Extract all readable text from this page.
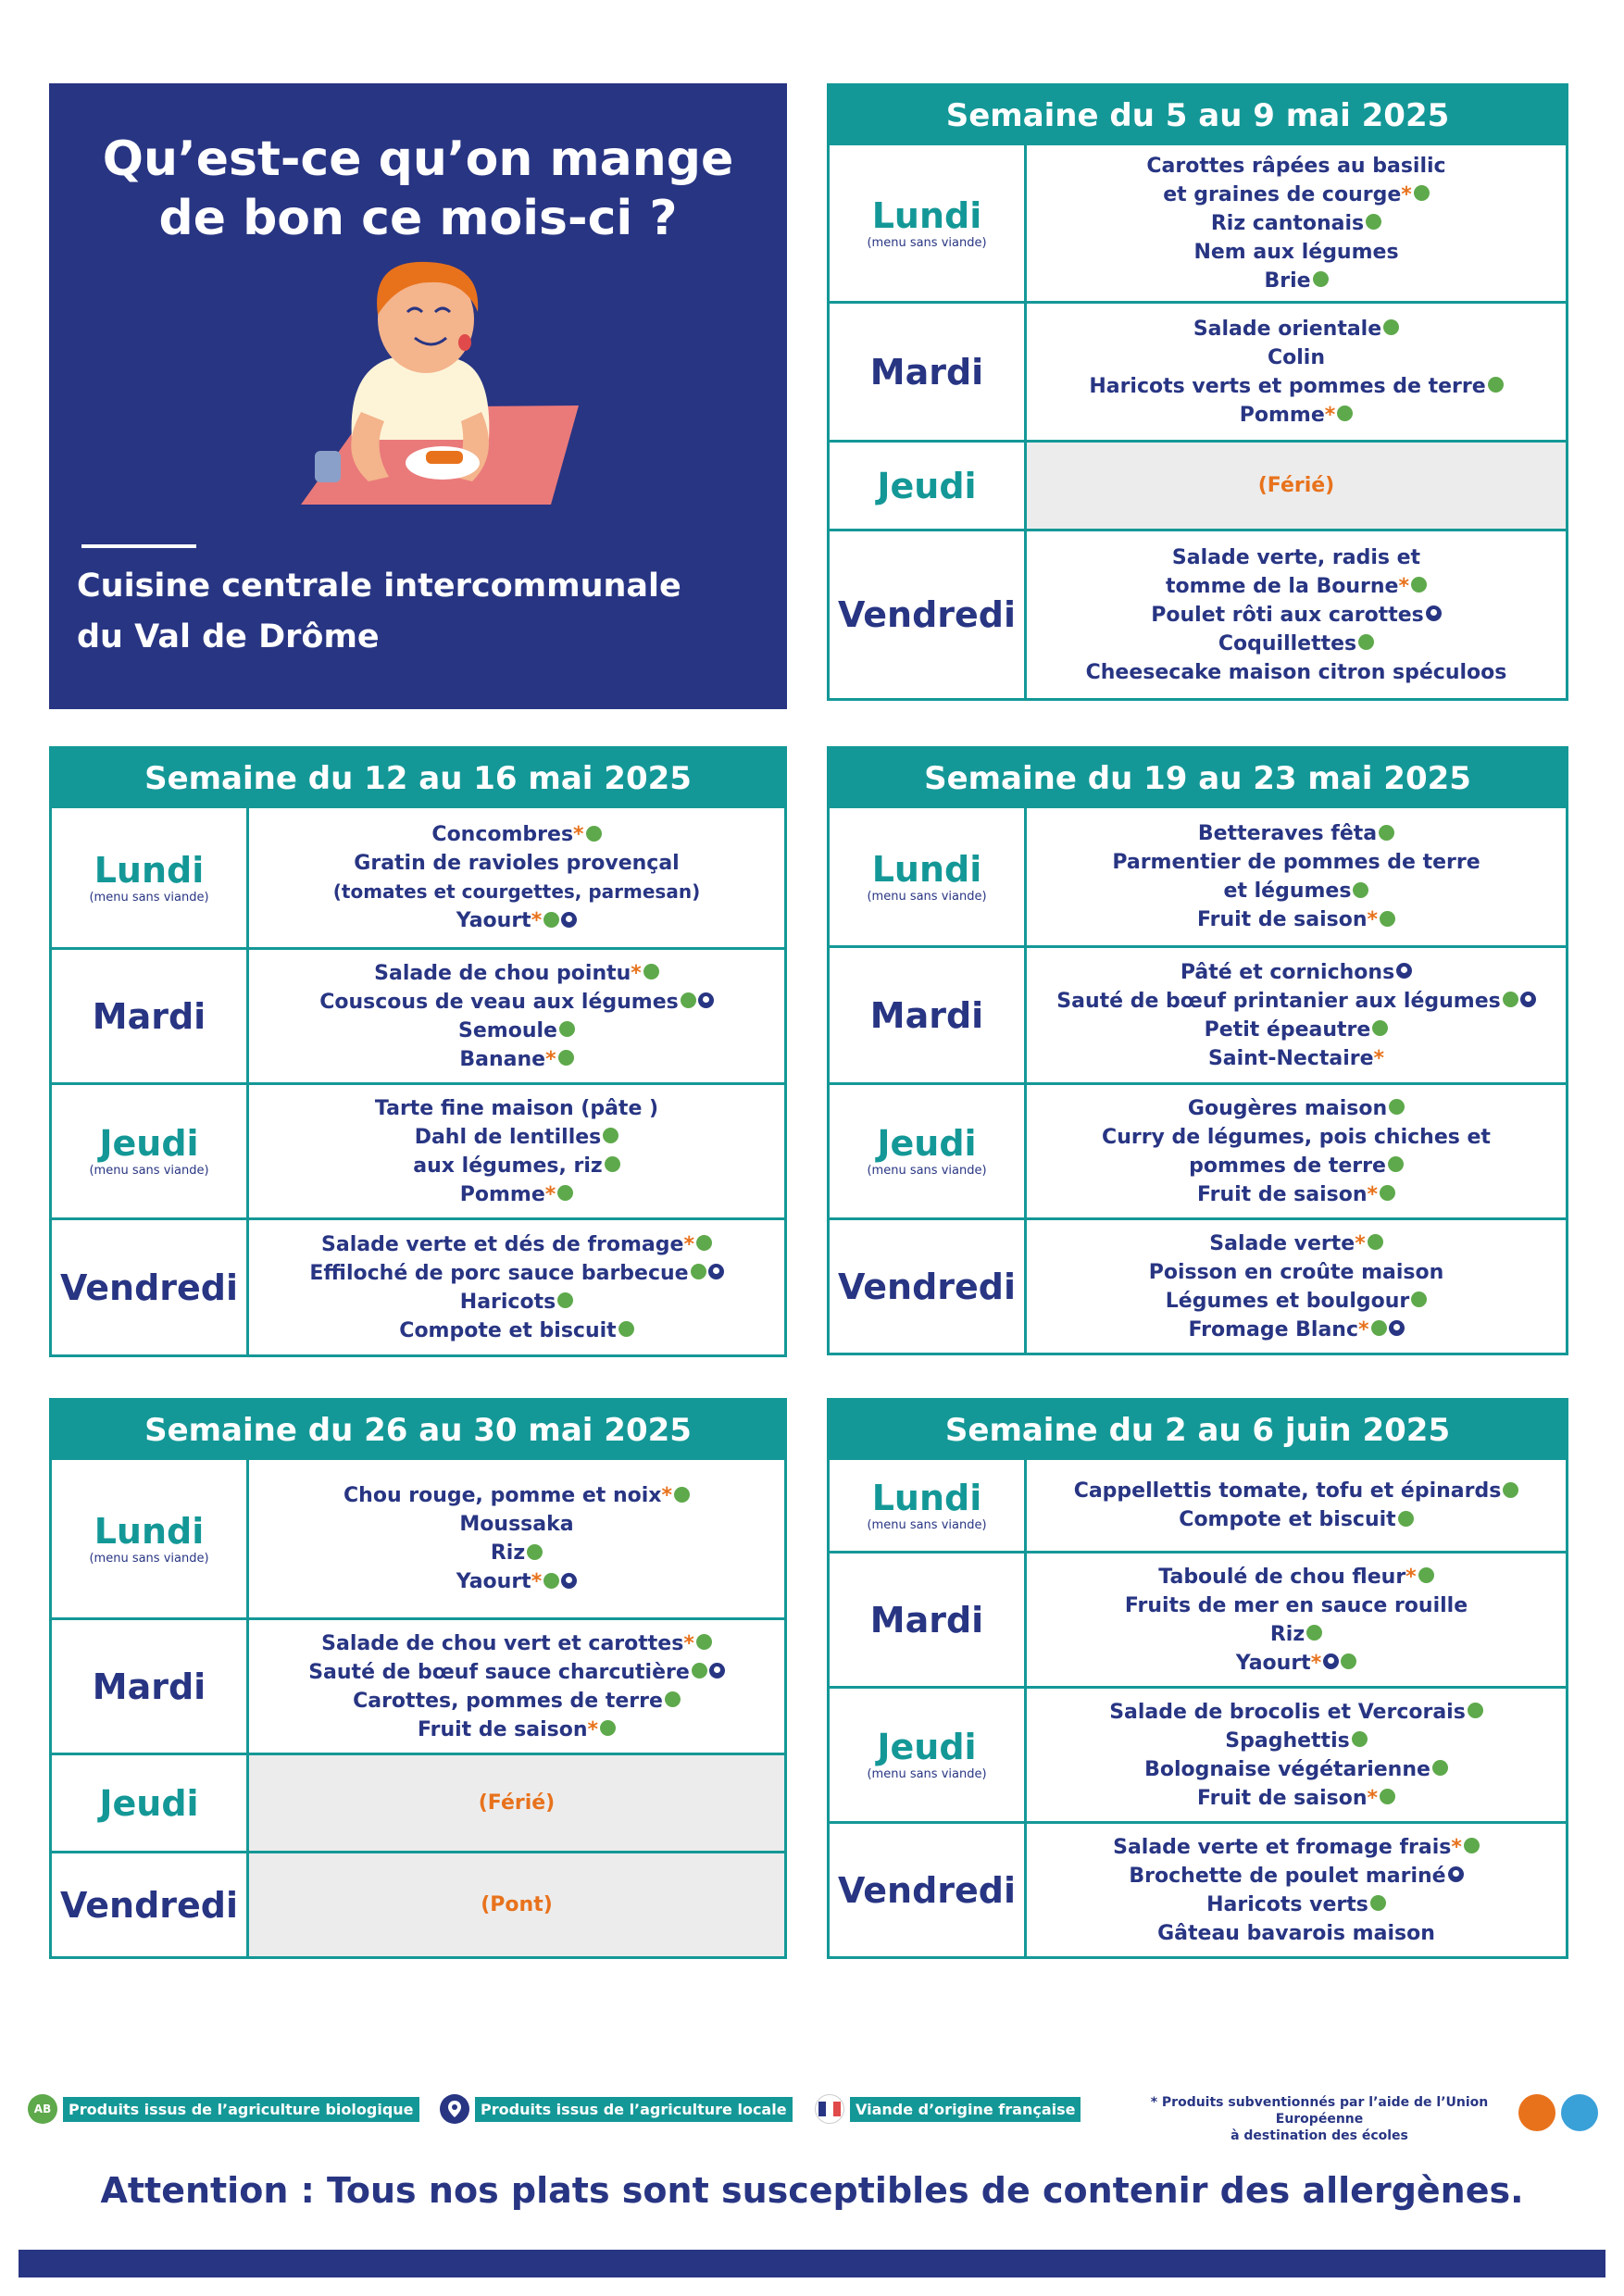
Qu’est-ce qu’on mange
de bon ce mois-ci ?
Cuisine centrale intercommunale
du Val de Drôme
Semaine du 5 au 9 mai 2025
Lundi
(menu sans viande)
Carottes râpées au basilic
et graines de courge*
Riz cantonais
Nem aux légumes
Brie
Mardi
Salade orientale
Colin
Haricots verts et pommes de terre
Pomme*
Jeudi	(Férié)
Vendredi
Salade verte, radis et
tomme de la Bourne*
Poulet rôti aux carottes
Coquillettes
Cheesecake maison citron spéculoos
Semaine du 12 au 16 mai 2025
Lundi
(menu sans viande)
Concombres*
Gratin de ravioles provençal
(tomates et courgettes, parmesan)
Yaourt*
Mardi
Salade de chou pointu*
Couscous de veau aux légumes
Semoule
Banane*
Jeudi
(menu sans viande)
Tarte fine maison (pâte )
Dahl de lentilles
aux légumes, riz
Pomme*
Vendredi
Salade verte et dés de fromage*
Effiloché de porc sauce barbecue
Haricots
Compote et biscuit
Semaine du 19 au 23 mai 2025
Lundi
(menu sans viande)
Betteraves fêta
Parmentier de pommes de terre
et légumes
Fruit de saison*
Mardi
Pâté et cornichons
Sauté de bœuf printanier aux légumes
Petit épeautre
Saint-Nectaire*
Jeudi
(menu sans viande)
Gougères maison
Curry de légumes, pois chiches et
pommes de terre
Fruit de saison*
Vendredi
Salade verte*
Poisson en croûte maison
Légumes et boulgour
Fromage Blanc*
Semaine du 26 au 30 mai 2025
Lundi
(menu sans viande)
Chou rouge, pomme et noix*
Moussaka
Riz
Yaourt*
Mardi
Salade de chou vert et carottes*
Sauté de bœuf sauce charcutière
Carottes, pommes de terre
Fruit de saison*
Jeudi	(Férié)
Vendredi	(Pont)
Semaine du 2 au 6 juin 2025
Lundi
(menu sans viande)
Cappellettis tomate, tofu et épinards
Compote et biscuit
Mardi
Taboulé de chou fleur*
Fruits de mer en sauce rouille
Riz
Yaourt*
Jeudi
(menu sans viande)
Salade de brocolis et Vercorais
Spaghettis
Bolognaise végétarienne
Fruit de saison*
Vendredi
Salade verte et fromage frais*
Brochette de poulet mariné
Haricots verts
Gâteau bavarois maison
AB	Produits issus de l’agriculture biologique	Produits issus de l’agriculture locale	Viande d’origine française	* Produits subventionnés par l’aide de l’Union Européenne
à destination des écoles
Attention : Tous nos plats sont susceptibles de contenir des allergènes.
